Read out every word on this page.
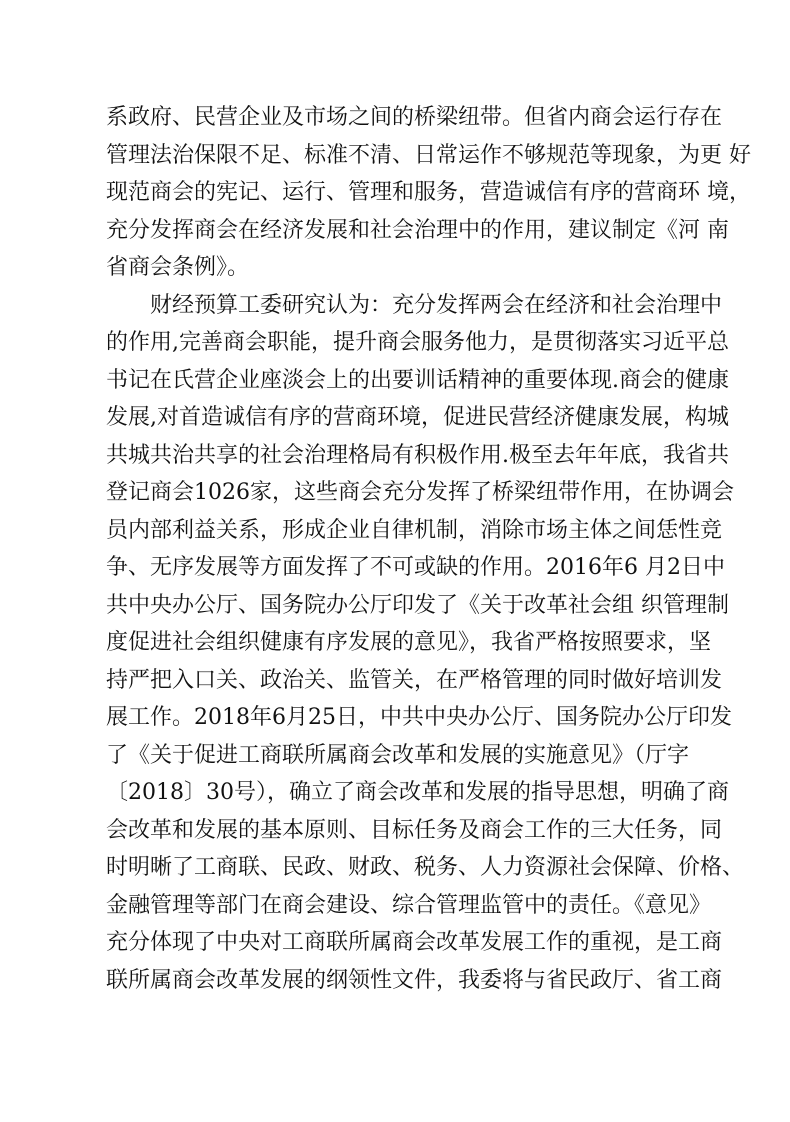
系政府、民营企业及市场之间的桥梁纽带。但省内商会运行存在
管理法治保限不足、标准不清、日常运作不够规范等现象，为更 好
现范商会的宪记、运行、管理和服务，营造诚信有序的营商环 境，
充分发挥商会在经济发展和社会治理中的作用，建议制定《河 南
省商会条例》。
财经预算工委研究认为：充分发挥两会在经济和社会治理中
的作用,完善商会职能，提升商会服务他力，是贯彻落实习近平总
书记在氏营企业座淡会上的出要训话精神的重要体现.商会的健康
发展,对首造诚信有序的营商环境，促进民营经济健康发展，构城
共城共治共享的社会治理格局有积极作用.极至去年年底，我省共
登记商会1026家，这些商会充分发挥了桥梁纽带作用，在协调会
员内部利益关系，形成企业自律机制，消除市场主体之间恁性竞
争、无序发展等方面发挥了不可或缺的作用。2016年6 月2日中
共中央办公厅、国务院办公厅印发了《关于改革社会组 织管理制
度促进社会组织健康有序发展的意见》，我省严格按照要求，坚
持严把入口关、政治关、监管关，在严格管理的同时做好培训发
展工作。2018年6月25日，中共中央办公厅、国务院办公厅印发
了《关于促进工商联所属商会改革和发展的实施意见》（厅字
〔2018〕30号），确立了商会改革和发展的指导思想，明确了商
会改革和发展的基本原则、目标任务及商会工作的三大任务，同
时明晰了工商联、民政、财政、税务、人力资源社会保障、价格、
金融管理等部门在商会建设、综合管理监管中的责任。《意见》
充分体现了中央对工商联所属商会改革发展工作的重视，是工商
联所属商会改革发展的纲领性文件，我委将与省民政厅、省工商
